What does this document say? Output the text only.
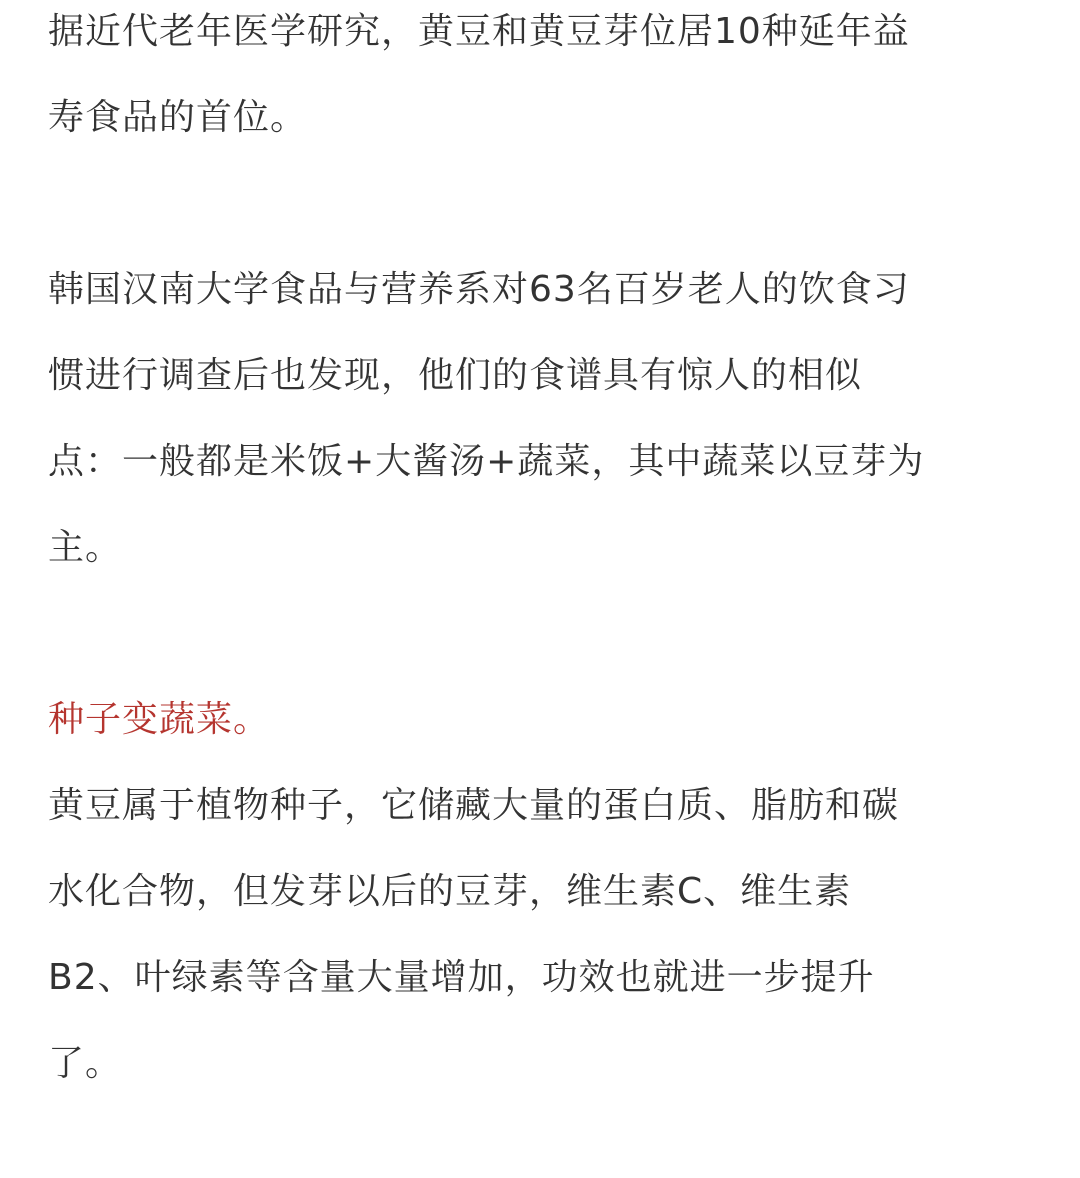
据近代老年医学研究，黄豆和黄豆芽位居10种延年益
寿食品的首位。
韩国汉南大学食品与营养系对63名百岁老人的饮食习
惯进行调查后也发现，他们的食谱具有惊人的相似
点：一般都是米饭+大酱汤+蔬菜，其中蔬菜以豆芽为
主。
种子变蔬菜。
黄豆属于植物种子，它储藏大量的蛋白质、脂肪和碳
水化合物，但发芽以后的豆芽，维生素C、维生素
B2、叶绿素等含量大量增加，功效也就进一步提升
了。
